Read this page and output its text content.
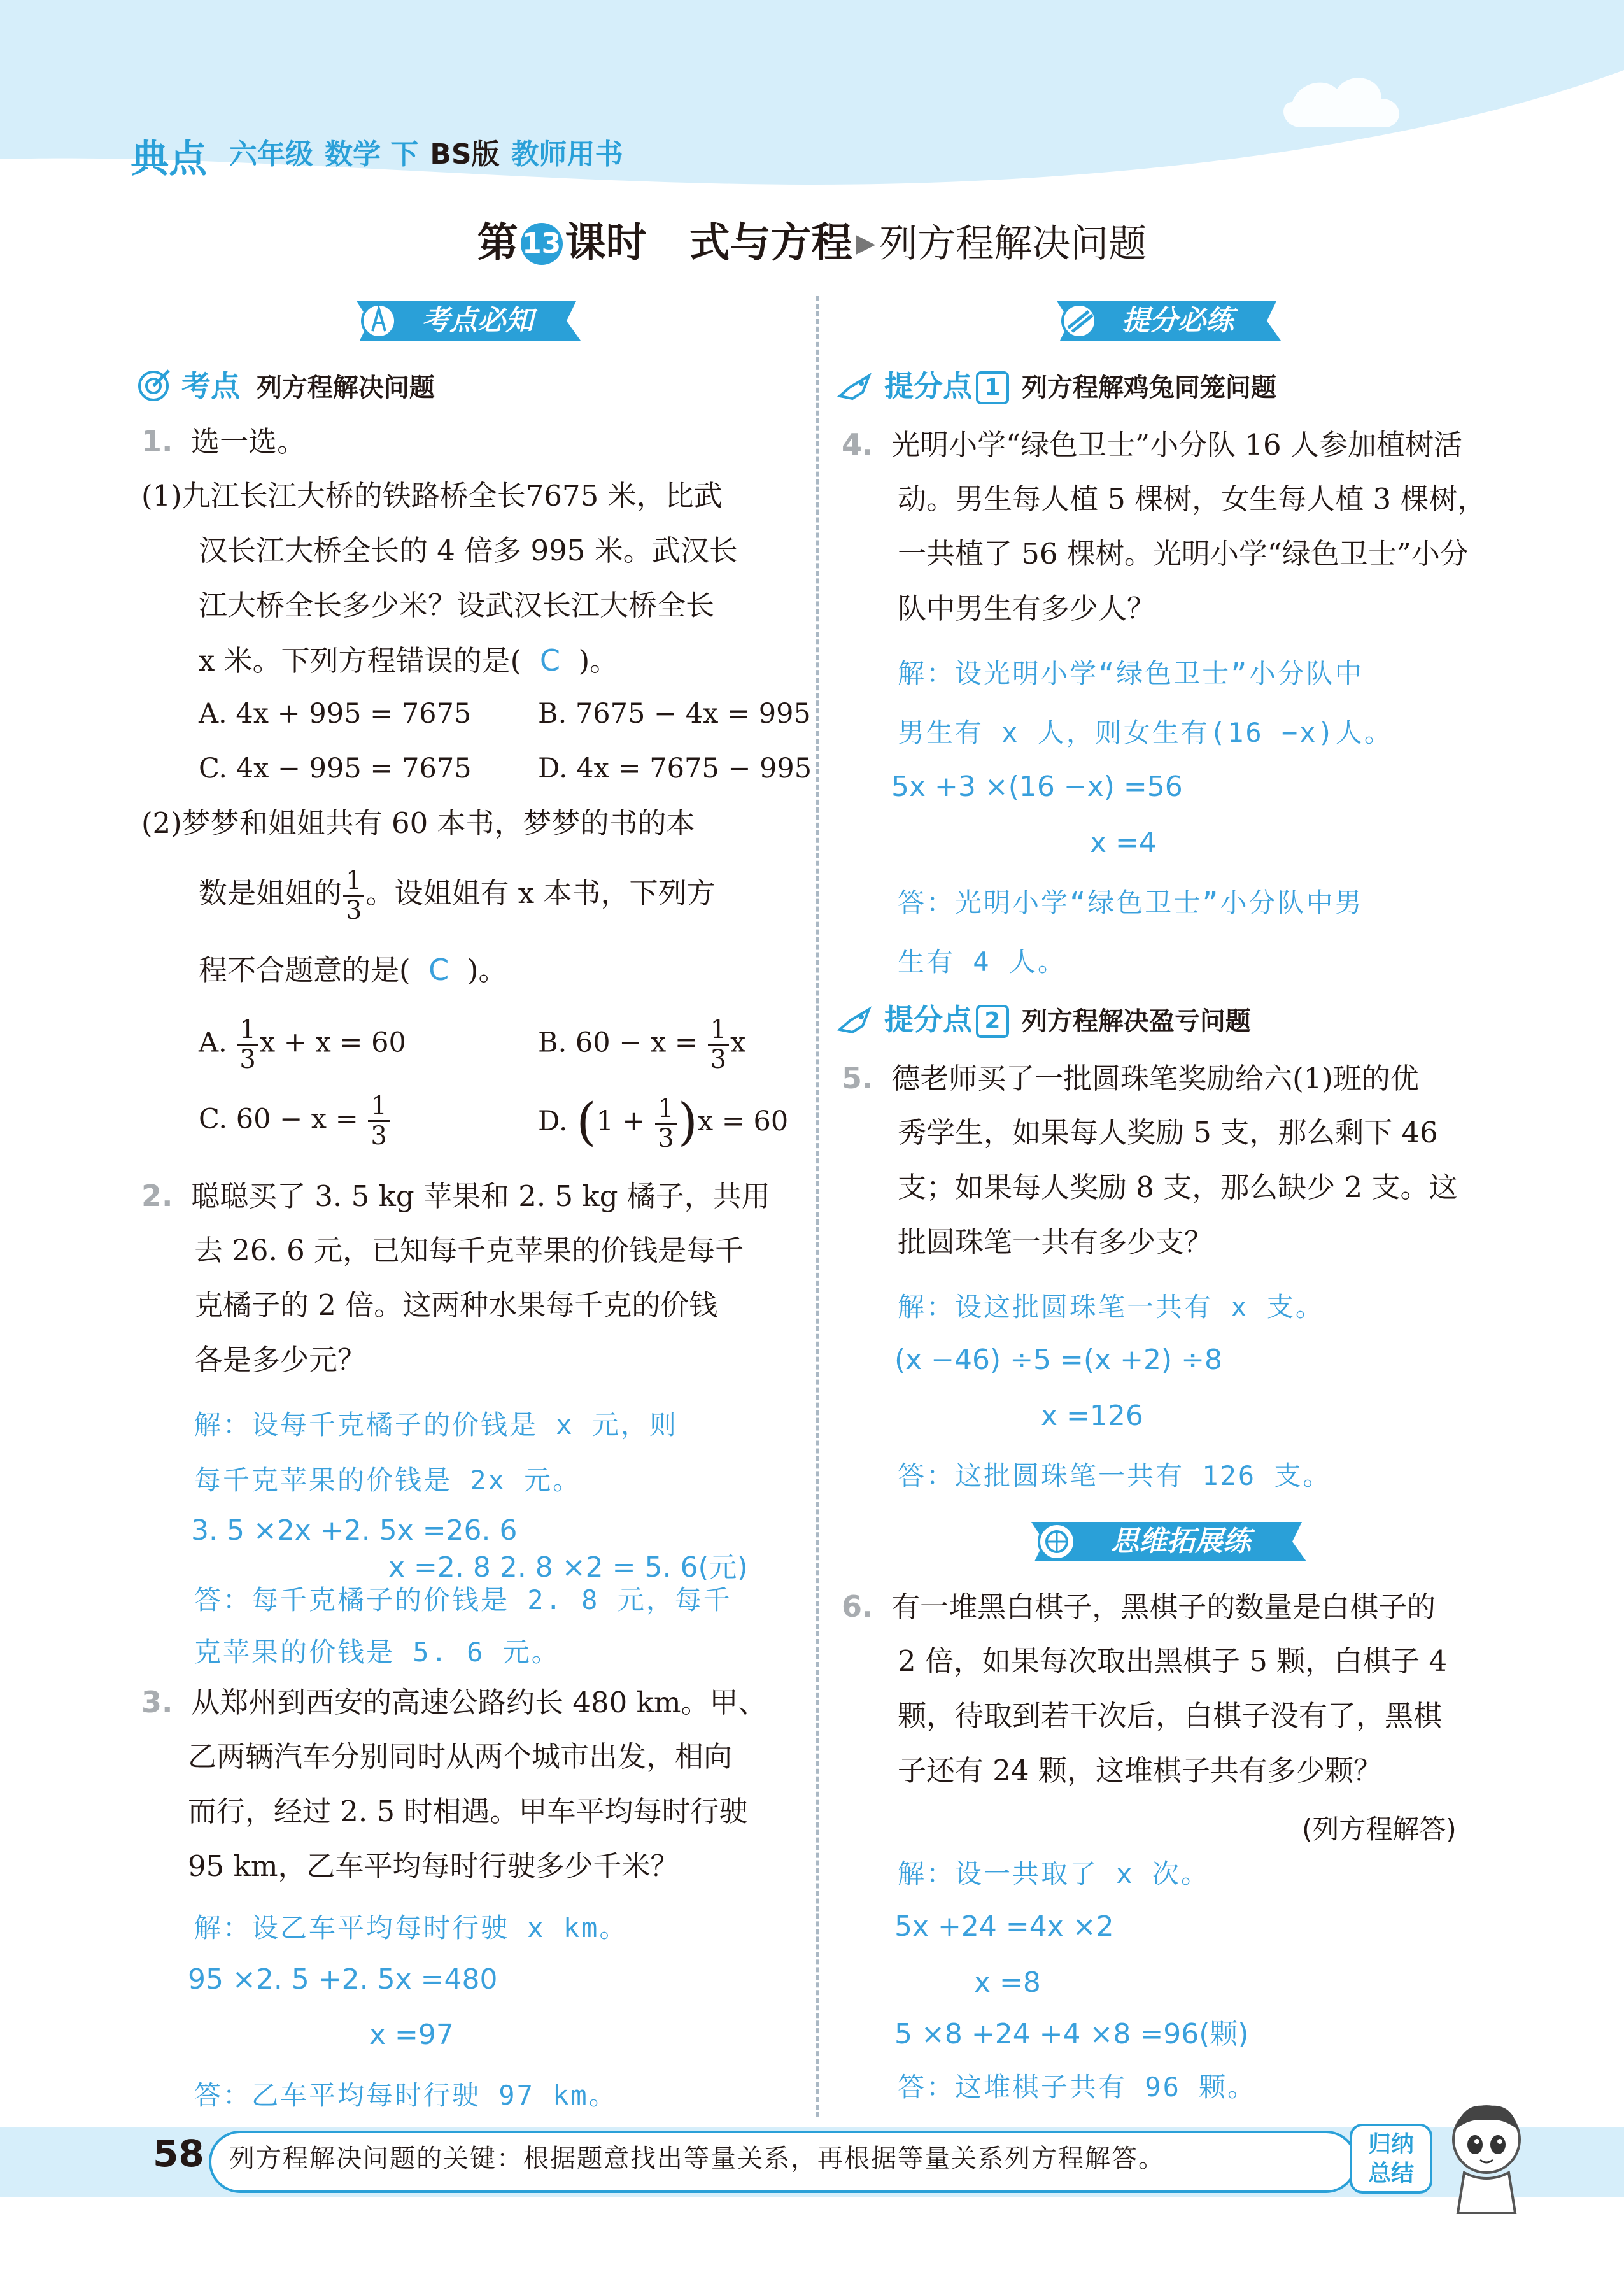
典点 六年级 数学 下 BS版 教师用书
第 13课时 式与方程 ▶ 列方程解决问题
考点必知
考点 列方程解决问题
1. 选一选。
(1)九江长江大桥的铁路桥全长7675 米，比武
汉长江大桥全长的 4 倍多 995 米。武汉长
江大桥全长多少米？设武汉长江大桥全长
x 米。下列方程错误的是( C )。
A. 4x + 995 = 7675 B. 7675 − 4x = 995
C. 4x − 995 = 7675 D. 4x = 7675 − 995
(2)梦梦和姐姐共有 60 本书，梦梦的书的本
数是姐姐的 $\frac{1}{3}$ 。设姐姐有 x 本书，下列方
程不合题意的是( C )。
A. $\frac{1}{3}$ x + x = 60	B. $60 - x = \frac{1}{3}$ x
C. $60 - x = \frac{1}{3}$	D. $(1 + \frac{1}{3} )x = 60$
2. 聪聪买了 3. 5 kg 苹果和 2. 5 kg 橘子，共用
去 26. 6 元，已知每千克苹果的价钱是每千
克橘子的 2 倍。这两种水果每千克的价钱
各是多少元？
解：设每千克橘子的价钱是 x 元，则
每千克苹果的价钱是 2x 元。
3. 5 ×2x +2. 5x =26. 6
x =2. 8 2. 8 ×2 = 5. 6(元)
答：每千克橘子的价钱是 2. 8 元，每千
克苹果的价钱是 5. 6 元。
3. 从郑州到西安的高速公路约长 480 km。甲、
乙两辆汽车分别同时从两个城市出发，相向
而行，经过 2. 5 时相遇。甲车平均每时行驶
95 km，乙车平均每时行驶多少千米？
解：设乙车平均每时行驶 x km。
95 ×2. 5 +2. 5x =480
x =97
答：乙车平均每时行驶 97 km。
提分必练
提分点 1 列方程解鸡兔同笼问题
4. 光明小学“绿色卫士”小分队 16 人参加植树活
动。男生每人植 5 棵树，女生每人植 3 棵树，
一共植了 56 棵树。光明小学“绿色卫士”小分
队中男生有多少人？
解：设光明小学“绿色卫士”小分队中
男生有 x 人，则女生有(16 −x)人。
5x +3 ×(16 −x) =56
x =4
答：光明小学“绿色卫士”小分队中男
生有 4 人。
提分点 2 列方程解决盈亏问题
5. 德老师买了一批圆珠笔奖励给六(1)班的优
秀学生，如果每人奖励 5 支，那么剩下 46
支；如果每人奖励 8 支，那么缺少 2 支。这
批圆珠笔一共有多少支？
解：设这批圆珠笔一共有 x 支。
(x −46) ÷5 =(x +2) ÷8
x =126
答：这批圆珠笔一共有 126 支。
思维拓展练
6. 有一堆黑白棋子，黑棋子的数量是白棋子的
2 倍，如果每次取出黑棋子 5 颗，白棋子 4
颗，待取到若干次后，白棋子没有了，黑棋
子还有 24 颗，这堆棋子共有多少颗？
(列方程解答)
解：设一共取了 x 次。
5x +24 =4x ×2
x =8
5 ×8 +24 +4 ×8 =96(颗)
答：这堆棋子共有 96 颗。
58 列方程解决问题的关键：根据题意找出等量关系，再根据等量关系列方程解答。	归纳
总结
